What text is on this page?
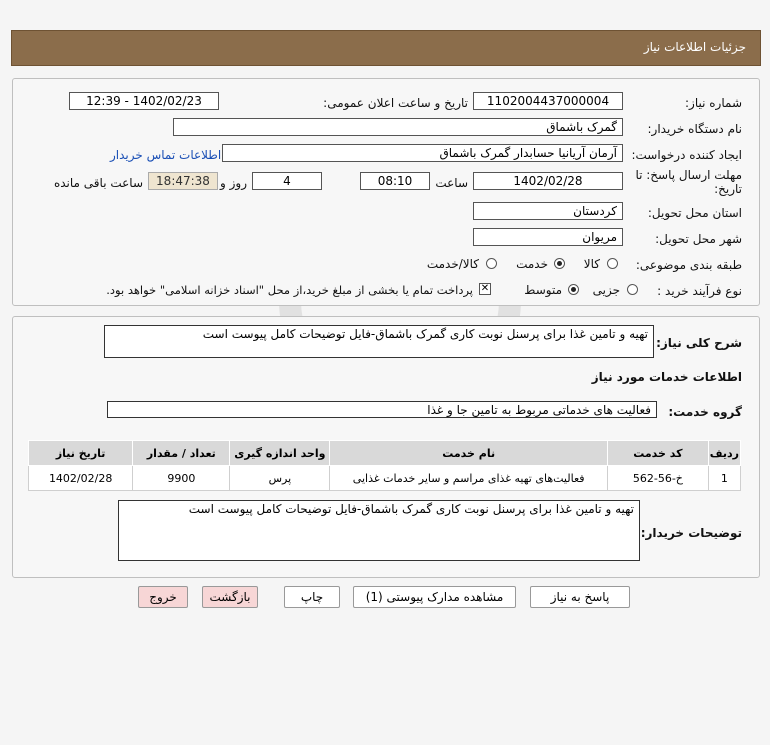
جزئیات اطلاعات نیاز
شماره نیاز:
1102004437000004
تاریخ و ساعت اعلان عمومی:
1402/02/23 - 12:39
نام دستگاه خریدار:
گمرک باشماق
ایجاد کننده درخواست:
آرمان آریانیا حسابدار گمرک باشماق
اطلاعات تماس خریدار
مهلت ارسال پاسخ: تا
تاریخ:
1402/02/28
ساعت
08:10
4
روز و
18:47:38
ساعت باقی مانده
استان محل تحویل:
کردستان
شهر محل تحویل:
مریوان
طبقه بندی موضوعی:
کالا
خدمت
کالا/خدمت
نوع فرآیند خرید :
جزیی
متوسط
✕
پرداخت تمام یا بخشی از مبلغ خرید،از محل "اسناد خزانه اسلامی" خواهد بود.
شرح کلی نیاز:
تهیه و تامین غذا برای پرسنل نوبت کاری گمرک باشماق-فایل توضیحات کامل پیوست است
اطلاعات خدمات مورد نیاز
گروه خدمت:
فعالیت های خدماتی مربوط به تامین جا و غذا
ردیف	کد خدمت	نام خدمت	واحد اندازه گیری	تعداد / مقدار	تاریخ نیاز
1	خ-56-562	فعالیت‌های تهیه غذای مراسم و سایر خدمات غذایی	پرس	9900	1402/02/28
توضیحات خریدار:
تهیه و تامین غذا برای پرسنل نوبت کاری گمرک باشماق-فایل توضیحات کامل پیوست است
پاسخ به نیاز
مشاهده مدارک پیوستی (1)
چاپ
بازگشت
خروج
